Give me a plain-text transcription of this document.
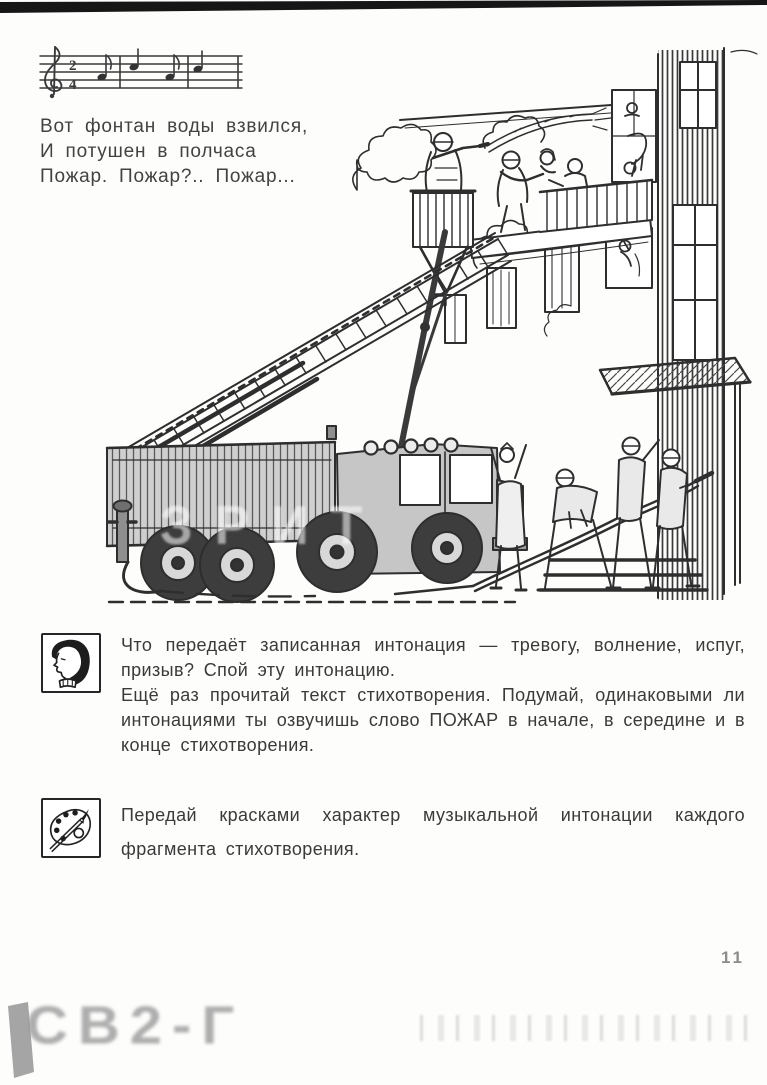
2
4
Вот фонтан воды взвился,
И потушен в полчаса
Пожар. Пожар?.. Пожар...
ЗРИТ

Что передаёт записанная интонация — тревогу, волнение, испуг, призыв? Спой эту интонацию.

Ещё раз прочитай текст стихотворения. Подумай, одинаковыми ли интонациями ты озвучишь слово ПОЖАР в начале, в середине и в конце стихотворения.

Передай красками характер музыкальной интонации каждого фрагмента стихотворения.

11
СВ2-Г
